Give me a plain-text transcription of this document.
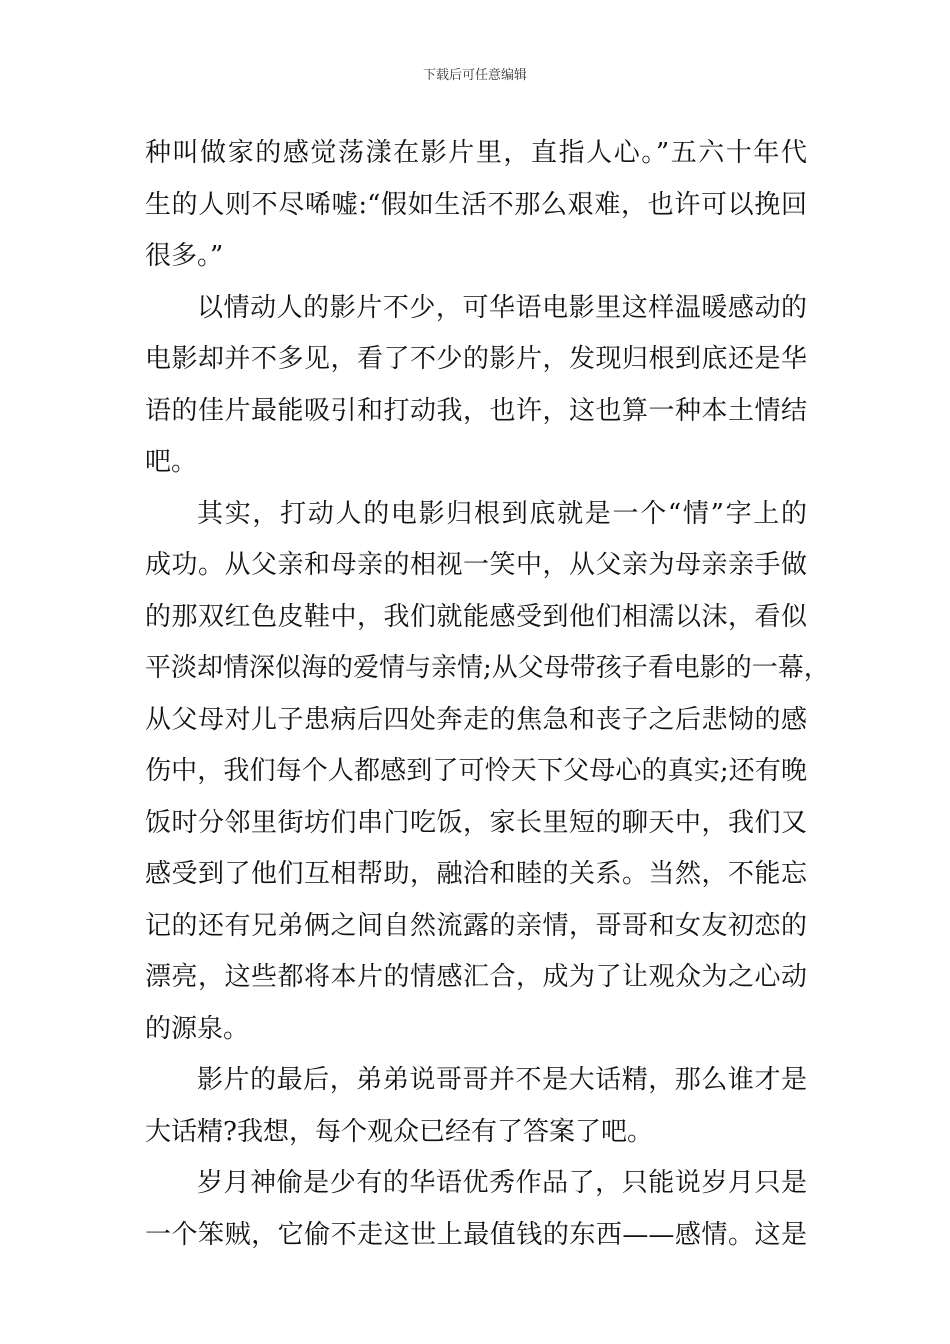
下载后可任意编辑
种叫做家的感觉荡漾在影片里，直指人心。”五六十年代
生的人则不尽唏嘘:“假如生活不那么艰难，也许可以挽回
很多。”
以情动人的影片不少，可华语电影里这样温暖感动的
电影却并不多见，看了不少的影片，发现归根到底还是华
语的佳片最能吸引和打动我，也许，这也算一种本土情结
吧。
其实，打动人的电影归根到底就是一个“情”字上的
成功。从父亲和母亲的相视一笑中，从父亲为母亲亲手做
的那双红色皮鞋中，我们就能感受到他们相濡以沫，看似
平淡却情深似海的爱情与亲情;从父母带孩子看电影的一幕，
从父母对儿子患病后四处奔走的焦急和丧子之后悲恸的感
伤中，我们每个人都感到了可怜天下父母心的真实;还有晚
饭时分邻里街坊们串门吃饭，家长里短的聊天中，我们又
感受到了他们互相帮助，融洽和睦的关系。当然，不能忘
记的还有兄弟俩之间自然流露的亲情，哥哥和女友初恋的
漂亮，这些都将本片的情感汇合，成为了让观众为之心动
的源泉。
影片的最后，弟弟说哥哥并不是大话精，那么谁才是
大话精?我想，每个观众已经有了答案了吧。
岁月神偷是少有的华语优秀作品了，只能说岁月只是
一个笨贼，它偷不走这世上最值钱的东西——感情。这是
